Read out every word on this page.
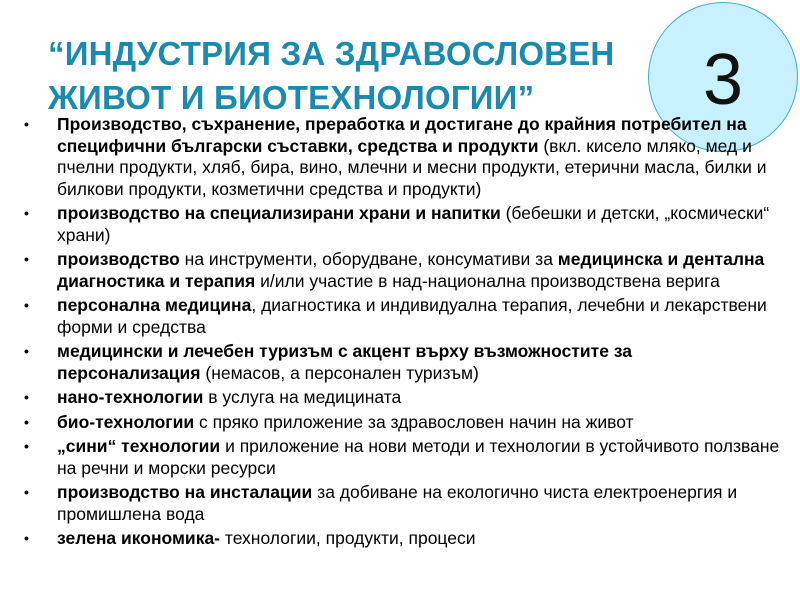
“ИНДУСТРИЯ ЗА ЗДРАВОСЛОВЕН
ЖИВОТ И БИОТЕХНОЛОГИИ”	3
• Производство, съхранение, преработка и достигане до крайния потребител на специфични български съставки, средства и продукти (вкл. кисело мляко, мед и пчелни продукти, хляб, бира, вино, млечни и месни продукти, етерични масла, билки и билкови продукти, козметични средства и продукти)
• производство на специализирани храни и напитки (бебешки и детски, „космически“ храни)
• производство на инструменти, оборудване, консумативи за медицинска и дентална диагностика и терапия и/или участие в над-национална производствена верига
• персонална медицина, диагностика и индивидуална терапия, лечебни и лекарствени форми и средства
• медицински и лечебен туризъм с акцент върху възможностите за персонализация (немасов, а персонален туризъм)
• нано-технологии в услуга на медицината
• био-технологии с пряко приложение за здравословен начин на живот
• „сини“ технологии и приложение на нови методи и технологии в устойчивото ползване на речни и морски ресурси
• производство на инсталации за добиване на екологично чиста електроенергия и промишлена вода
• зелена икономика- технологии, продукти, процеси
